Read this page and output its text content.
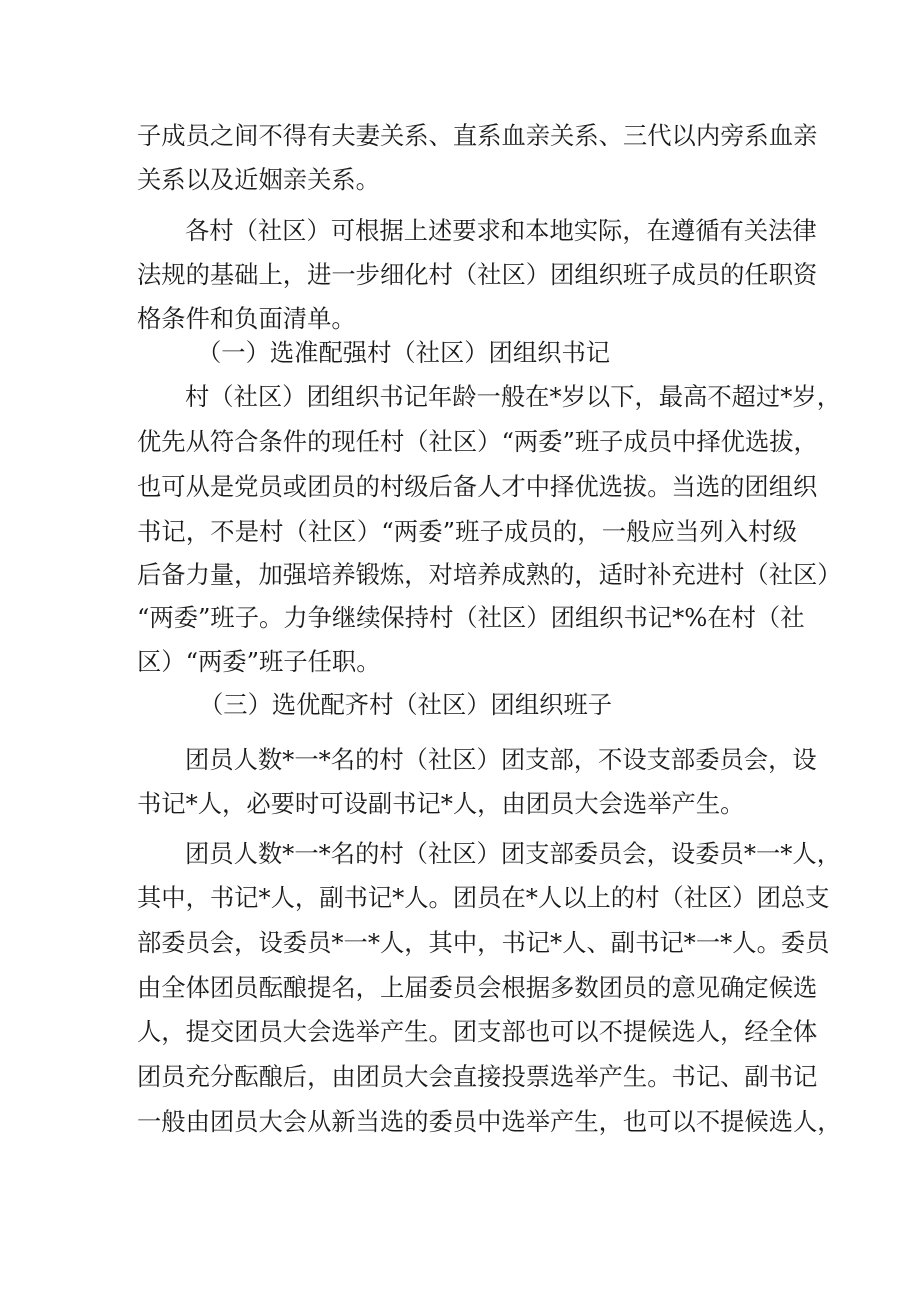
子成员之间不得有夫妻关系、直系血亲关系、三代以内旁系血亲
关系以及近姻亲关系。
各村（社区）可根据上述要求和本地实际，在遵循有关法律
法规的基础上，进一步细化村（社区）团组织班子成员的任职资
格条件和负面清单。
（一）选准配强村（社区）团组织书记
村（社区）团组织书记年龄一般在*岁以下，最高不超过*岁，
优先从符合条件的现任村（社区）“两委”班子成员中择优选拔，
也可从是党员或团员的村级后备人才中择优选拔。当选的团组织
书记，不是村（社区）“两委”班子成员的，一般应当列入村级
后备力量，加强培养锻炼，对培养成熟的，适时补充进村（社区）
“两委”班子。力争继续保持村（社区）团组织书记*%在村（社
区）“两委”班子任职。
（三）选优配齐村（社区）团组织班子
团员人数*一*名的村（社区）团支部，不设支部委员会，设
书记*人，必要时可设副书记*人，由团员大会选举产生。
团员人数*一*名的村（社区）团支部委员会，设委员*一*人，
其中，书记*人，副书记*人。团员在*人以上的村（社区）团总支
部委员会，设委员*一*人，其中，书记*人、副书记*一*人。委员
由全体团员酝酿提名，上届委员会根据多数团员的意见确定候选
人，提交团员大会选举产生。团支部也可以不提候选人，经全体
团员充分酝酿后，由团员大会直接投票选举产生。书记、副书记
一般由团员大会从新当选的委员中选举产生，也可以不提候选人，
